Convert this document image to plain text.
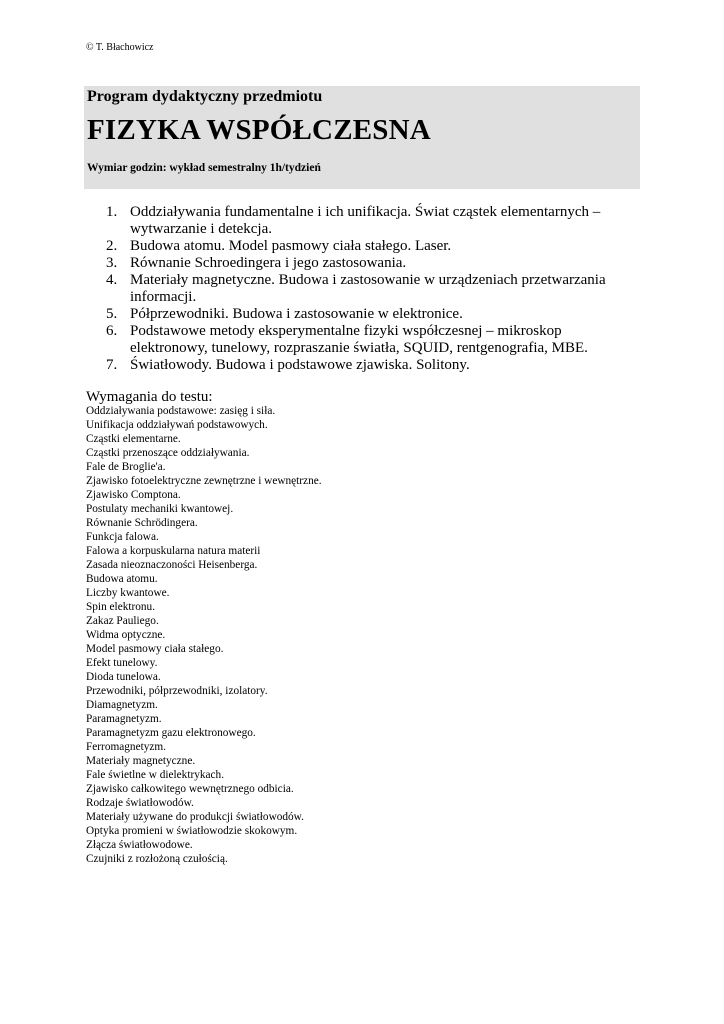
© T. Błachowicz
Program dydaktyczny przedmiotu
FIZYKA WSPÓŁCZESNA
Wymiar godzin: wykład semestralny 1h/tydzień
1. Oddziaływania fundamentalne i ich unifikacja. Świat cząstek elementarnych – wytwarzanie i detekcja.
2. Budowa atomu. Model pasmowy ciała stałego. Laser.
3. Równanie Schroedingera i jego zastosowania.
4. Materiały magnetyczne. Budowa i zastosowanie w urządzeniach przetwarzania informacji.
5. Półprzewodniki. Budowa i zastosowanie w elektronice.
6. Podstawowe metody eksperymentalne fizyki współczesnej – mikroskop elektronowy, tunelowy, rozpraszanie światła, SQUID, rentgenografia, MBE.
7. Światłowody. Budowa i podstawowe zjawiska. Solitony.
Wymagania do testu:
Oddziaływania podstawowe: zasięg i siła.
Unifikacja oddziaływań podstawowych.
Cząstki elementarne.
Cząstki przenoszące oddziaływania.
Fale de Broglie'a.
Zjawisko fotoelektryczne zewnętrzne i wewnętrzne.
Zjawisko Comptona.
Postulaty mechaniki kwantowej.
Równanie Schrödingera.
Funkcja falowa.
Falowa a korpuskularna natura materii
Zasada nieoznaczoności Heisenberga.
Budowa atomu.
Liczby kwantowe.
Spin elektronu.
Zakaz Pauliego.
Widma optyczne.
Model pasmowy ciała stałego.
Efekt tunelowy.
Dioda tunelowa.
Przewodniki, półprzewodniki, izolatory.
Diamagnetyzm.
Paramagnetyzm.
Paramagnetyzm gazu elektronowego.
Ferromagnetyzm.
Materiały magnetyczne.
Fale świetlne w dielektrykach.
Zjawisko całkowitego wewnętrznego odbicia.
Rodzaje światłowodów.
Materiały używane do produkcji światłowodów.
Optyka promieni w światłowodzie skokowym.
Złącza światłowodowe.
Czujniki z rozłożoną czułością.
